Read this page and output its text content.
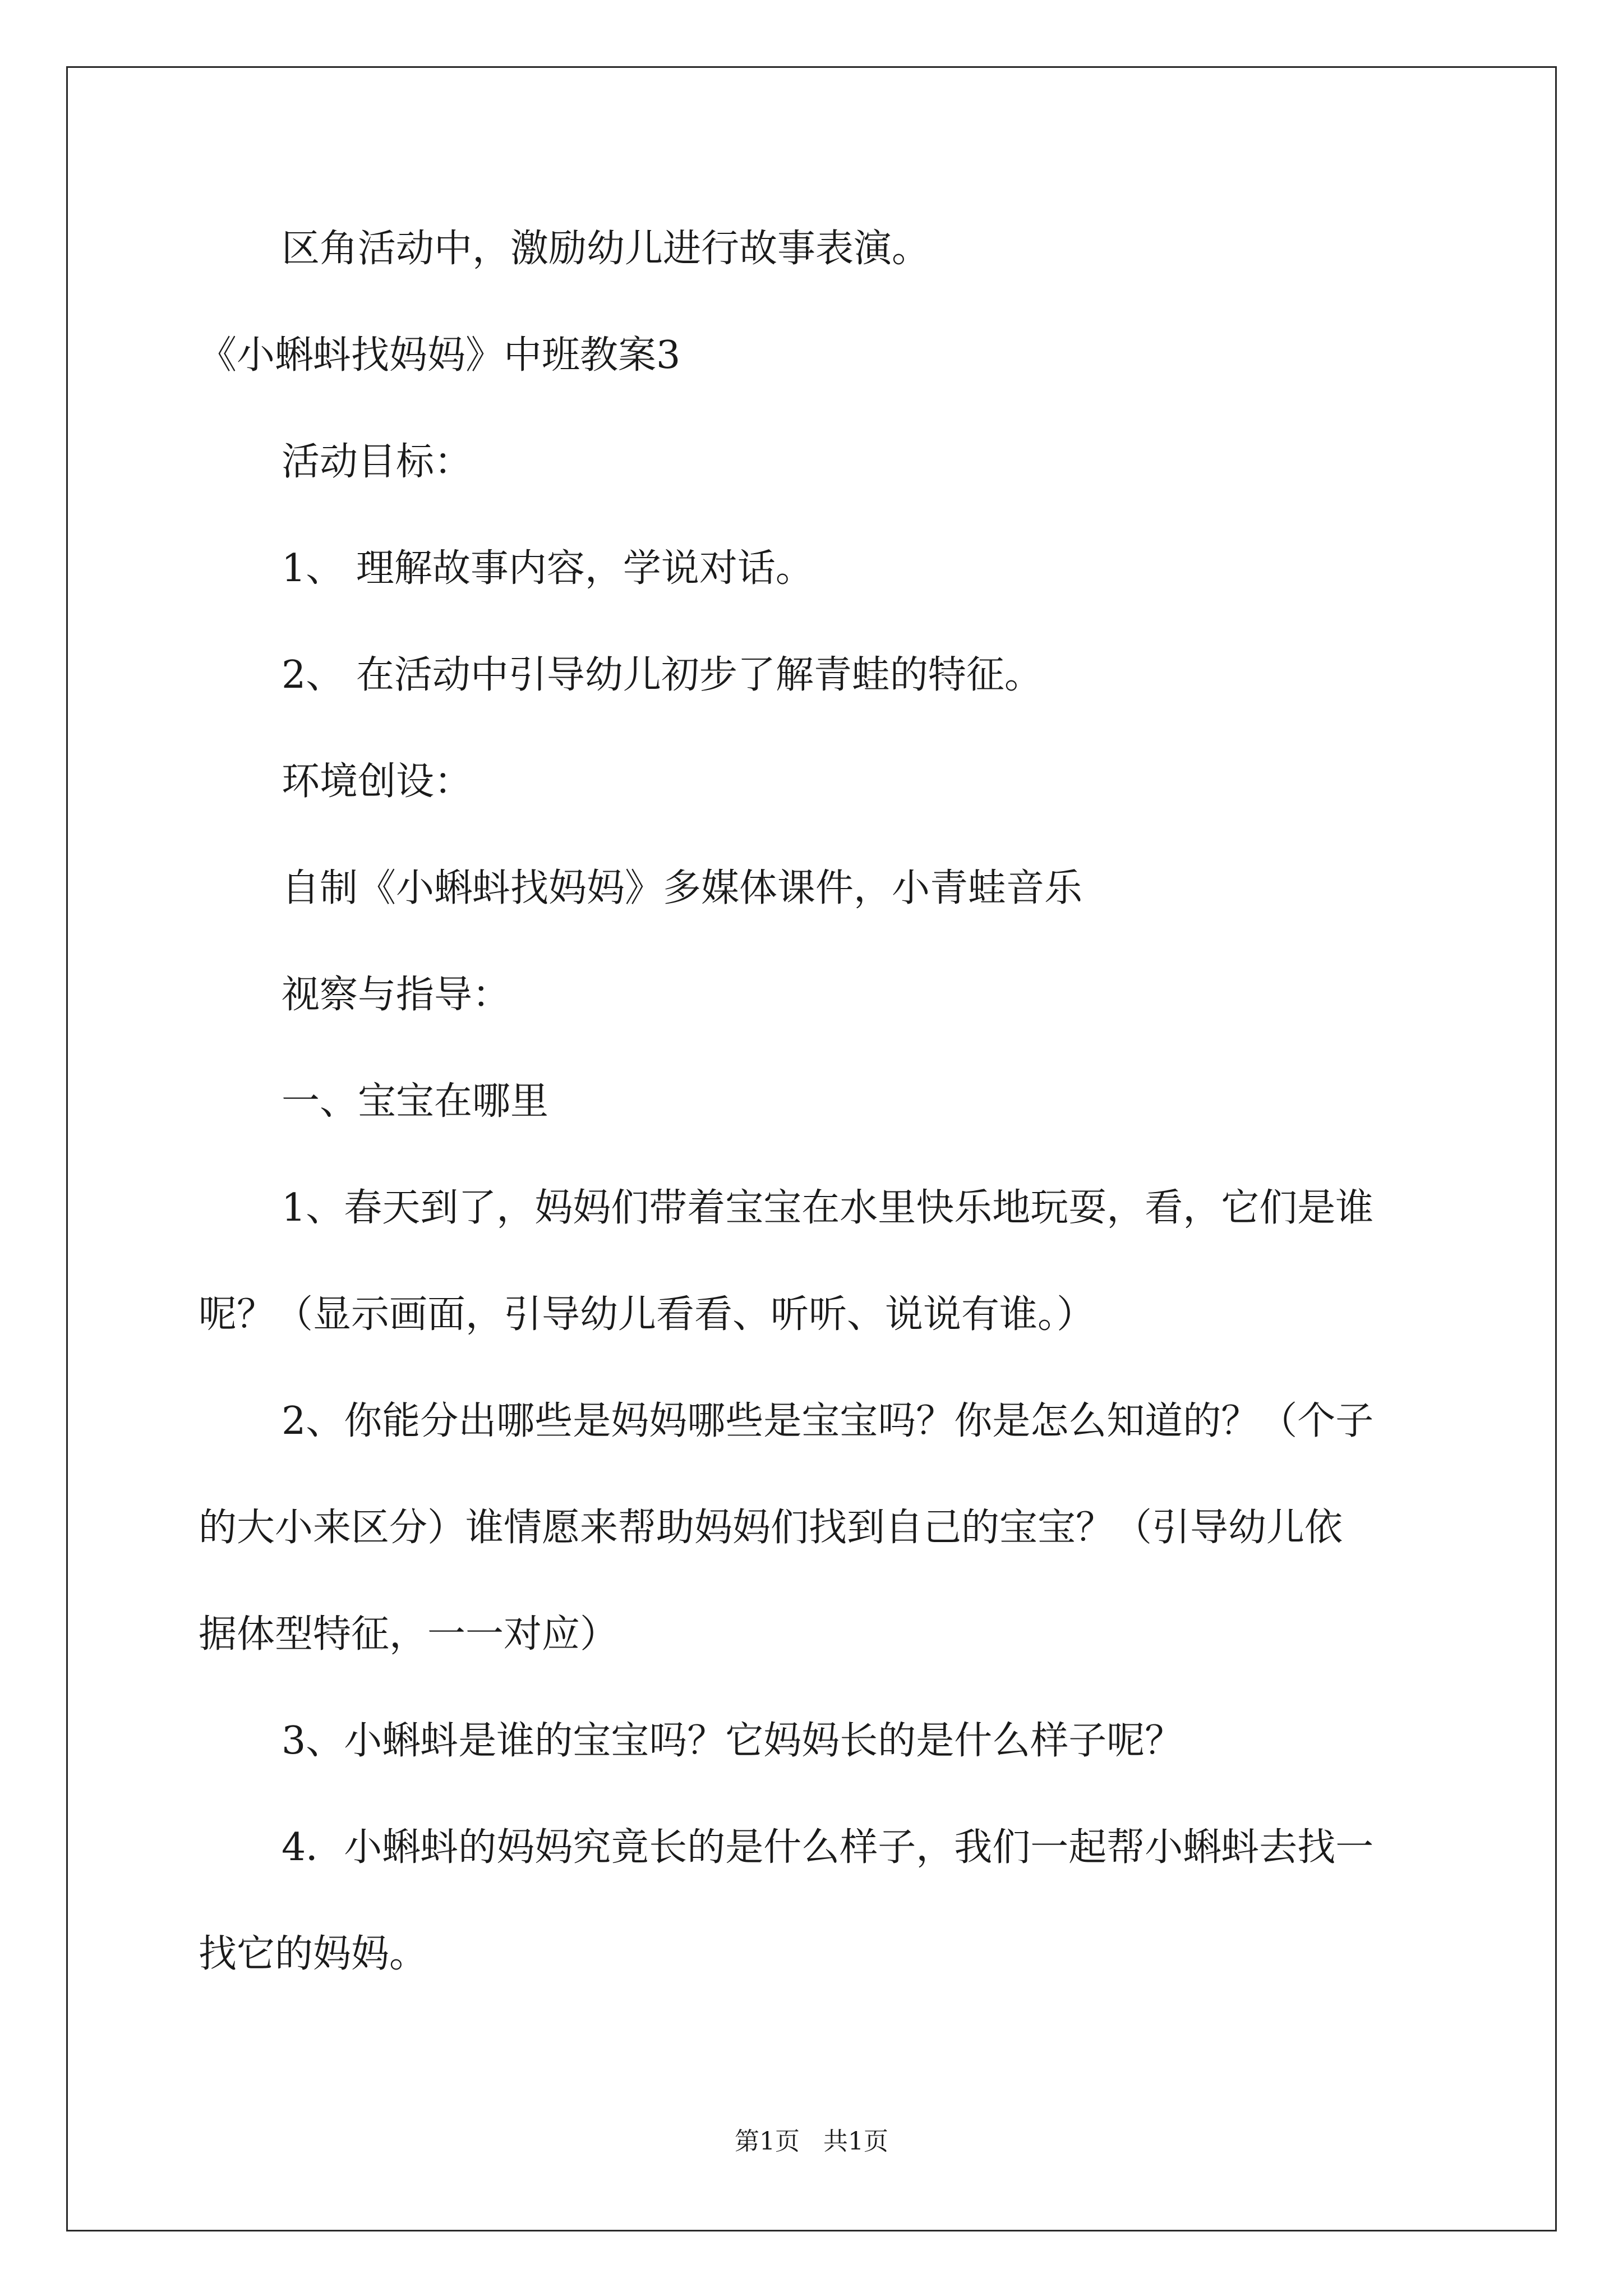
区角活动中，激励幼儿进行故事表演。
《小蝌蚪找妈妈》中班教案3
活动目标：
1、 理解故事内容，学说对话。
2、 在活动中引导幼儿初步了解青蛙的特征。
环境创设：
自制《小蝌蚪找妈妈》多媒体课件，小青蛙音乐
视察与指导：
一、宝宝在哪里
1、春天到了，妈妈们带着宝宝在水里快乐地玩耍，看，它们是谁
呢？（显示画面，引导幼儿看看、听听、说说有谁。）
2、你能分出哪些是妈妈哪些是宝宝吗？你是怎么知道的？（个子
的大小来区分）谁情愿来帮助妈妈们找到自己的宝宝？（引导幼儿依
据体型特征，一一对应）
3、小蝌蚪是谁的宝宝吗？它妈妈长的是什么样子呢？
4．小蝌蚪的妈妈究竟长的是什么样子，我们一起帮小蝌蚪去找一
找它的妈妈。
第1页   共1页
